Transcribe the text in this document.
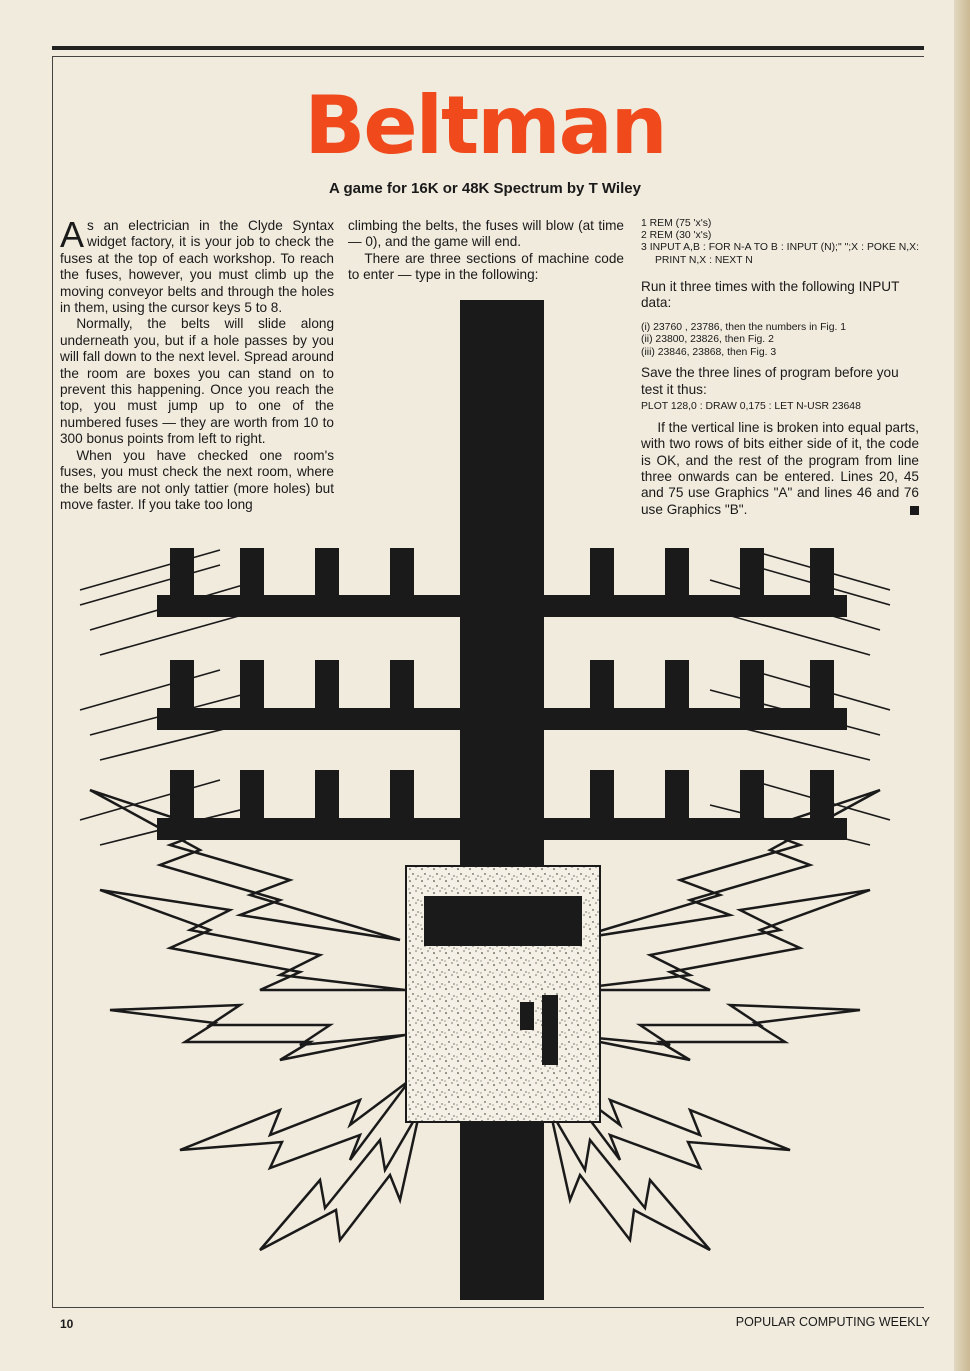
Beltman
A game for 16K or 48K Spectrum by T Wiley

As an electrician in the Clyde Syntax widget factory, it is your job to check the fuses at the top of each workshop. To reach the fuses, however, you must climb up the moving conveyor belts and through the holes in them, using the cursor keys 5 to 8.

Normally, the belts will slide along underneath you, but if a hole passes by you will fall down to the next level. Spread around the room are boxes you can stand on to prevent this happening. Once you reach the top, you must jump up to one of the numbered fuses — they are worth from 10 to 300 bonus points from left to right.

When you have checked one room's fuses, you must check the next room, where the belts are not only tattier (more holes) but move faster. If you take too long

climbing the belts, the fuses will blow (at time — 0), and the game will end.

There are three sections of machine code to enter — type in the following:

1 REM (75 'x's)
2 REM (30 'x's)
3 INPUT A,B : FOR N-A TO B : INPUT (N);" ";X : POKE N,X: PRINT N,X : NEXT N

Run it three times with the following INPUT data:

(i) 23760 , 23786, then the numbers in Fig. 1
(ii) 23800, 23826, then Fig. 2
(iii) 23846, 23868, then Fig. 3

Save the three lines of program before you test it thus:

PLOT 128,0 : DRAW 0,175 : LET N-USR 23648

If the vertical line is broken into equal parts, with two rows of bits either side of it, the code is OK, and the rest of the program from line three onwards can be entered. Lines 20, 45 and 75 use Graphics "A" and lines 46 and 76 use Graphics "B".

10	POPULAR COMPUTING WEEKLY
